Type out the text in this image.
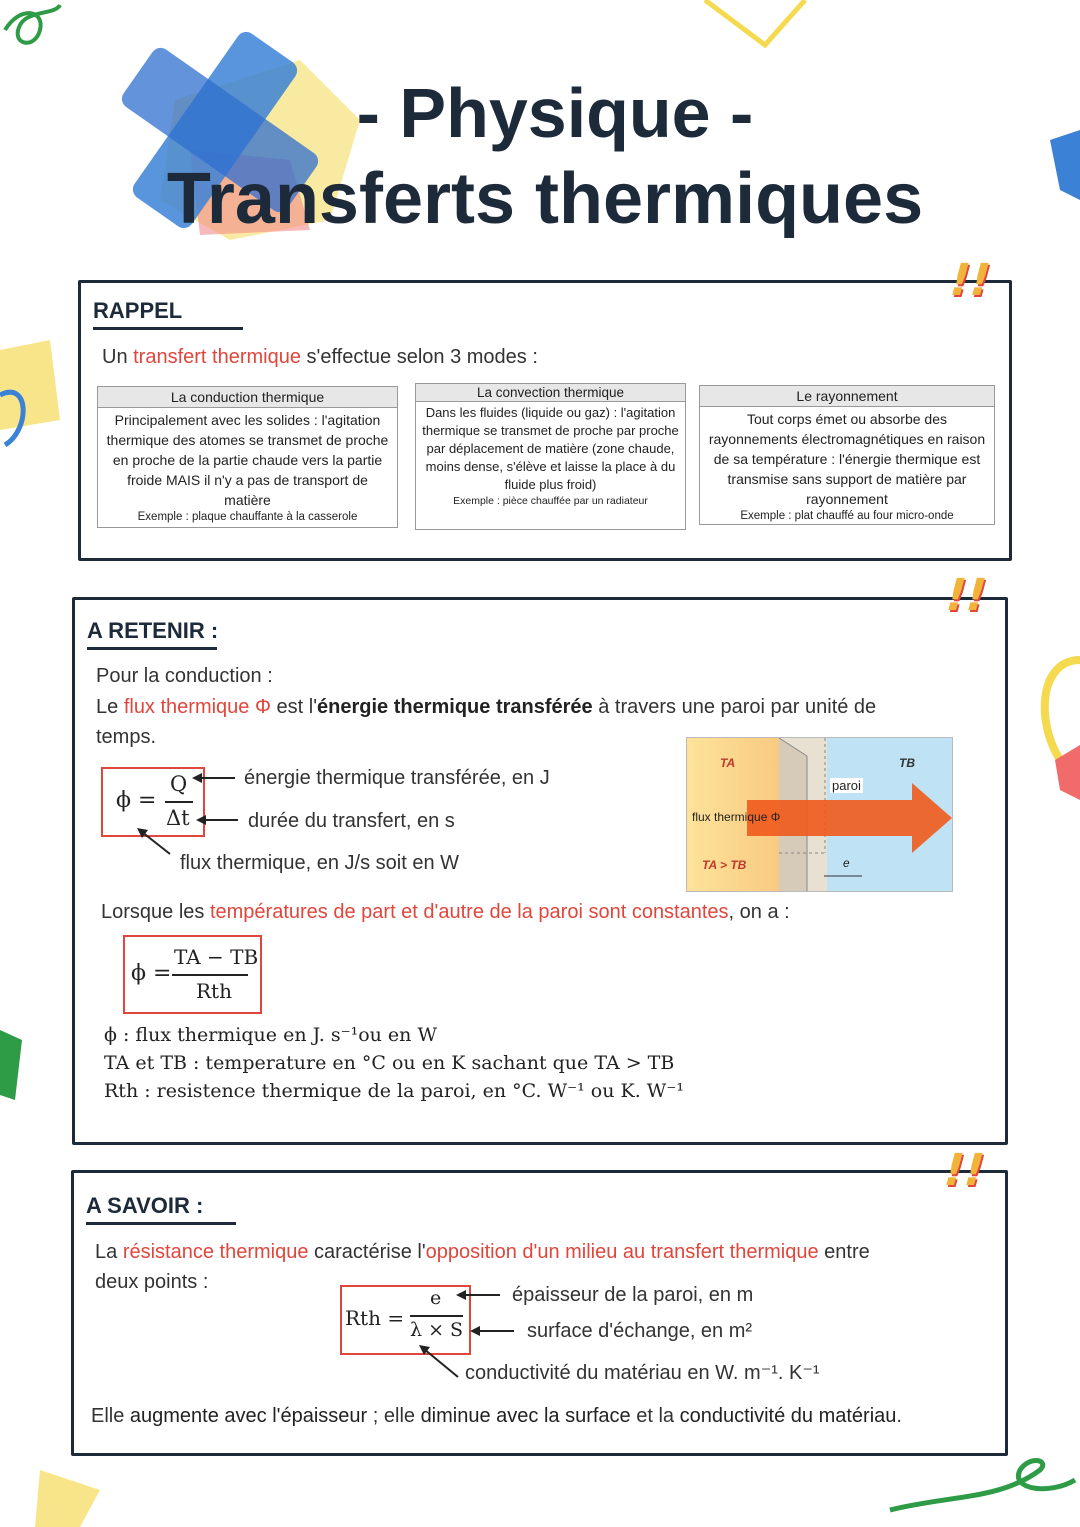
- Physique -
Transferts thermiques
!!
RAPPEL
Un transfert thermique s'effectue selon 3 modes :
La conduction thermique
Principalement avec les solides : l'agitation thermique des atomes se transmet de proche en proche de la partie chaude vers la partie froide MAIS il n'y a pas de transport de matière
Exemple : plaque chauffante à la casserole
La convection thermique
Dans les fluides (liquide ou gaz) : l'agitation thermique se transmet de proche par proche par déplacement de matière (zone chaude, moins dense, s'élève et laisse la place à du fluide plus froid)
Exemple : pièce chauffée par un radiateur
Le rayonnement
Tout corps émet ou absorbe des rayonnements électromagnétiques en raison de sa température : l'énergie thermique est transmise sans support de matière par rayonnement
Exemple : plat chauffé au four micro-onde
!!
A RETENIR :
Pour la conduction :
Le flux thermique Φ est l'énergie thermique transférée à travers une paroi par unité de
temps.
ϕ =
Q
Δt
énergie thermique transférée, en J
durée du transfert, en s
flux thermique, en J/s soit en W
TA	TB
paroi
flux thermique Φ
TA > TB	e
Lorsque les températures de part et d'autre de la paroi sont constantes, on a :
ϕ =
TA − TB
Rth
ϕ : flux thermique en J. s⁻¹ou en W
TA et TB : temperature en °C ou en K sachant que TA > TB
Rth : resistence thermique de la paroi, en °C. W⁻¹ ou K. W⁻¹
!!
A SAVOIR :
La résistance thermique caractérise l'opposition d'un milieu au transfert thermique entre
deux points :
Rth =
e
λ × S
épaisseur de la paroi, en m
surface d'échange, en m²
conductivité du matériau en W. m⁻¹. K⁻¹
Elle augmente avec l'épaisseur ; elle diminue avec la surface et la conductivité du matériau.
